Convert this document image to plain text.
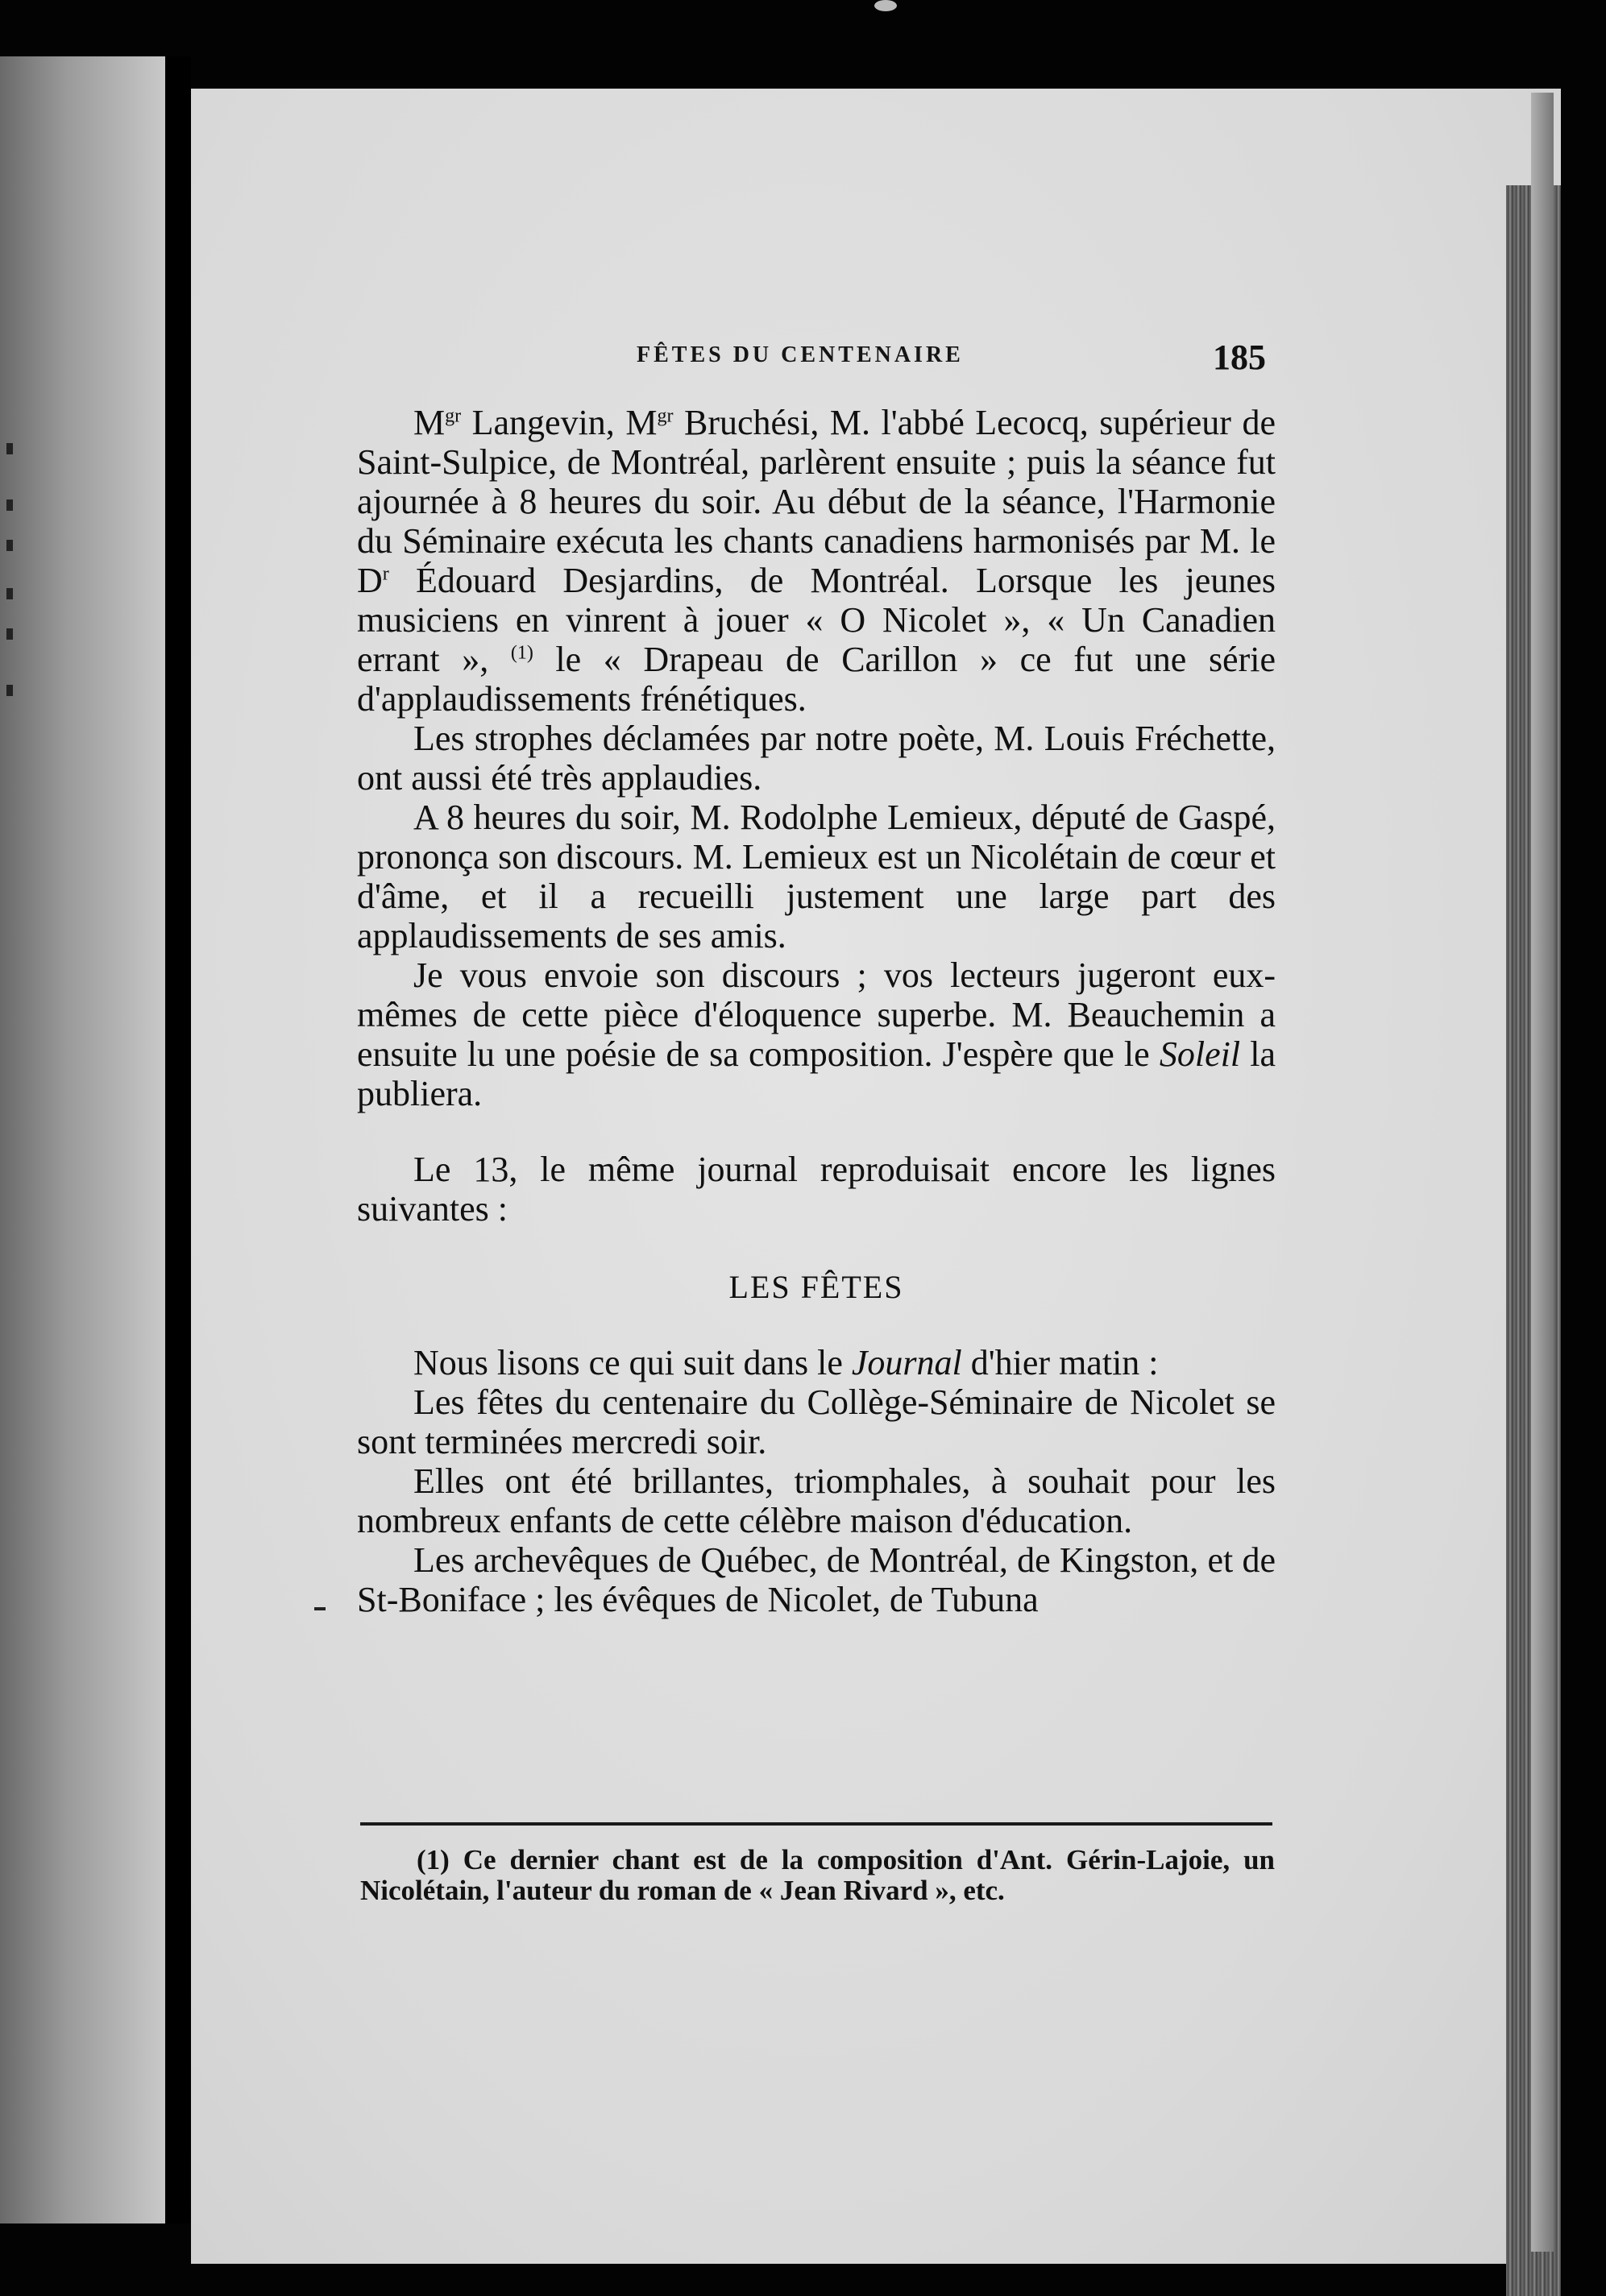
FÊTES DU CENTENAIRE	185

$M^{gr}$ Langevin, $M^{gr}$ Bruchési, M. l'abbé Lecocq, supérieur de Saint-Sulpice, de Montréal, parlèrent ensuite ; puis la séance fut ajournée à 8 heures du soir. Au début de la séance, l'Harmonie du Séminaire exécuta les chants canadiens harmonisés par M. le $D^r$ Édouard Desjardins, de Montréal. Lorsque les jeunes musiciens en vinrent à jouer « O Nicolet », « Un Canadien errant », $^{(1)}$ le « Drapeau de Carillon » ce fut une série d'applaudissements frénétiques.

Les strophes déclamées par notre poète, M. Louis Fréchette, ont aussi été très applaudies.

A 8 heures du soir, M. Rodolphe Lemieux, député de Gaspé, prononça son discours. M. Lemieux est un Nicolétain de cœur et d'âme, et il a recueilli justement une large part des applaudissements de ses amis.

Je vous envoie son discours ; vos lecteurs jugeront eux-mêmes de cette pièce d'éloquence superbe. M. Beauchemin a ensuite lu une poésie de sa composition. J'espère que le Soleil la publiera.

Le 13, le même journal reproduisait encore les lignes suivantes :

LES FÊTES

Nous lisons ce qui suit dans le Journal d'hier matin :

Les fêtes du centenaire du Collège-Séminaire de Nicolet se sont terminées mercredi soir.

Elles ont été brillantes, triomphales, à souhait pour les nombreux enfants de cette célèbre maison d'éducation.

Les archevêques de Québec, de Montréal, de Kingston, et de St-Boniface ; les évêques de Nicolet, de Tubuna

(1) Ce dernier chant est de la composition d'Ant. Gérin-Lajoie, un Nicolétain, l'auteur du roman de « Jean Rivard », etc.
